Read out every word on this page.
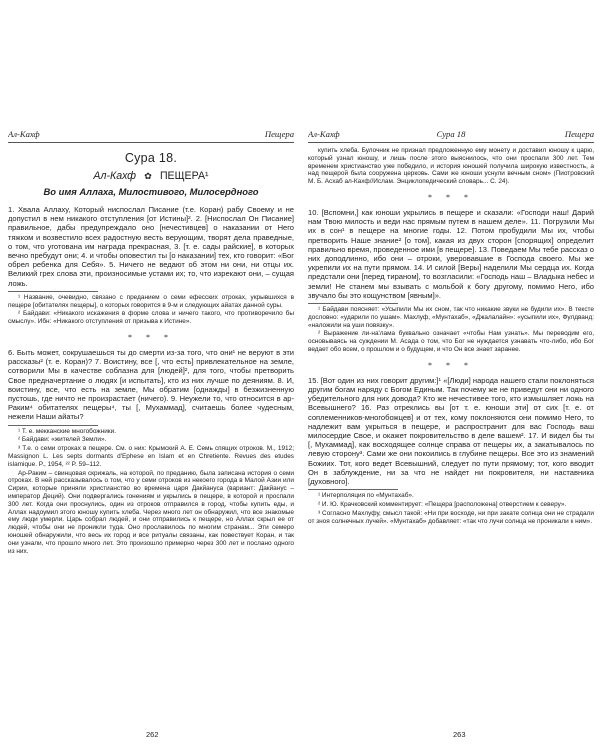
Ал-Кахф	Пещера
Сура 18.
Ал-Кахф ✿ ПЕЩЕРА¹
Во имя Аллаха, Милостивого, Милосердного

1. Хвала Аллаху, Который ниспослал Писание (т.е. Коран) рабу Своему и не допустил в нем никакого отступления [от Истины]². 2. [Ниспослал Он Писание] правильное, дабы предупреждало оно [нечестивцев] о наказании от Него тяжком и возвестило всех радостную весть верующим, творят дела праведные, о том, что уготована им награда прекрасная, 3. [т. е. сады райские], в которых вечно пребудут они; 4. и чтобы оповестил ты [о наказании] тех, кто говорит: «Бог обрел ребенка для Себя». 5. Ничего не ведают об этом ни они, ни отцы их. Великий грех слова эти, произносимые устами их; то, что изрекают они, – сущая ложь.

¹ Название, очевидно, связано с преданием о семи ефесских отроках, укрывшихся в пещере [обитателях пещеры], о которых говорится в 9-м и следующих айатах данной суры.

² Байдави: «Никакого искажения в форме слова и ничего такого, что противоречило бы смыслу». Ибн: «Никакого отступления от призыва к Истине».

* * *

6. Быть может, сокрушаешься ты до смерти из-за того, что они¹ не веруют в эти рассказы² (т. е. Коран)? 7. Воистину, все [, что есть] привлекательное на земле, сотворили Мы в качестве соблазна для [людей]², для того, чтобы претворить Свое предначертание о людях [и испытать], кто из них лучше по деяниям. 8. И, воистину, все, что есть на земле, Мы обратим [однажды] в безжизненную пустошь, где ничто не произрастает (ничего). 9. Неужели то, что относится в ар-Раким⁴ обитателях пещеры⁴, ты [, Мухаммад], считаешь более чудесным, нежели Наши айаты?

¹ Т. е. мекканские многобожники.

² Байдави: «жителей Земли».

³ Т.е. о семи отроках в пещере. См. о них: Крымский А. Е. Семь спящих отроков. М., 1912; Massignon L. Les septs dormants d'Ephese en Islam et en Chretiente. Revues des etudes islamique. P., 1954, ²² P. 59–112.

Ар-Раким – свинцовая скрижаль, на которой, по преданию, была записана история о семи отроках. В ней рассказывалось о том, что у семи отроков из некоего города в Малой Азии или Сирии, которые приняли христианство во времена царя Дакйануса (вариант: Дакйанус – император Деций). Они подвергались гонениям и укрылись в пещере, в которой и проспали 300 лет. Когда они проснулись, один из отроков отправился в город, чтобы купить еды, и Аллах надоумил этого юношу купить хлеба. Через много лет он обнаружил, что все знакомые ему люди умерли. Царь собрал людей, и они отправились к пещере, но Аллах скрыл ее от людей, чтобы они не проникли туда. Оно прославилось по многим странам... Эти семеро юношей обнаружили, что весь их город и все ритуалы связаны, как повествует Коран, и так они узнали, что прошло много лет. Это произошло примерно через 300 лет и послано одного из них.

Ал-Кахф	Сура 18	Пещера

купить хлеба. Булочник не признал предложенную ему монету и доставил юношу к царю, который узнал юношу, и лишь после этого выяснилось, что они проспали 300 лет. Тем временем христианство уже победило, и история юношей получила широкую известность, а над пещерой была сооружена церковь. Сами же юноши уснули вечным сном» (Пиотровский М. Б. Асхаб ал-Кахф//Ислам. Энциклопедический словарь... С. 24).

* * *

10. [Вспомни,] как юноши укрылись в пещере и сказали: «Господи наш! Дарий нам Твою милость и веди нас прямым путем в нашем деле». 11. Погрузили Мы их в сон¹ в пещере на многие годы. 12. Потом пробудили Мы их, чтобы претворить Наше знание² [о том], какая из двух сторон [спорящих] определит правильно время, проведенное ими [в пещере]. 13. Поведаем Мы тебе рассказ о них доподлинно, ибо они – отроки, уверовавшие в Господа своего. Мы же укрепили их на пути прямом. 14. И силой [Веры] наделили Мы сердца их. Когда предстали они [перед тираном], то возгласили: «Господь наш – Владыка небес и земли! Не станем мы взывать с мольбой к богу другому, помимо Него, ибо звучало бы это кощунством [явным]».

¹ Байдави поясняет: «Усыпили Мы их сном, так что никакие звуки не будили их». В тексте дословно: «ударили по ушам». Махлуф, «Мунтахаб», «Джалалайн»: «усыпили их», Фулдванд: «наложили на уши повязку».

² Выражение ли-на'лама буквально означает «чтобы Нам узнать». Мы переводим его, основываясь на суждении М. Асада о том, что Бог не нуждается узнавать что-либо, ибо Бог ведает обо всем, о прошлом и о будущем, и что Он все знает заранее.

* * *

15. [Вот один из них говорит другим:]¹ «[Люди] народа нашего стали поклоняться другим богам наряду с Богом Единым. Так почему же не приведут они ни одного убедительного для них довода? Кто же нечестивее того, кто измышляет ложь на Всевышнего? 16. Раз отреклись вы [от т. е. юноши эти] от сих [т. е. от соплеменников-многобожцев] и от тех, кому поклоняются они помимо Него, то надлежит вам укрыться в пещере, и распространит для вас Господь ваш милосердие Свое, и окажет покровительство в деле вашем². 17. И видел бы ты [, Мухаммад], как восходящее солнце справа от пещеры их, а закатывалось по левую сторону³. Сами же они покоились в глубине пещеры. Все это из знамений Божиих. Тот, кого ведет Всевышний, следует по пути прямому; тот, кого вводит Он в заблуждение, ни за что не найдет ни покровителя, ни наставника [духовного].

¹ Интерполяция по «Мунтахаб».

² И. Ю. Крачковский комментирует: «Пещера [расположена] отверстием к северу».

³ Согласно Махлуфу, смысл такой: «Ни при восходе, ни при закате солнца они не страдали от зноя солнечных лучей». «Мунтахаб» добавляет: «так что лучи солнца не проникали к ним».

262	263
